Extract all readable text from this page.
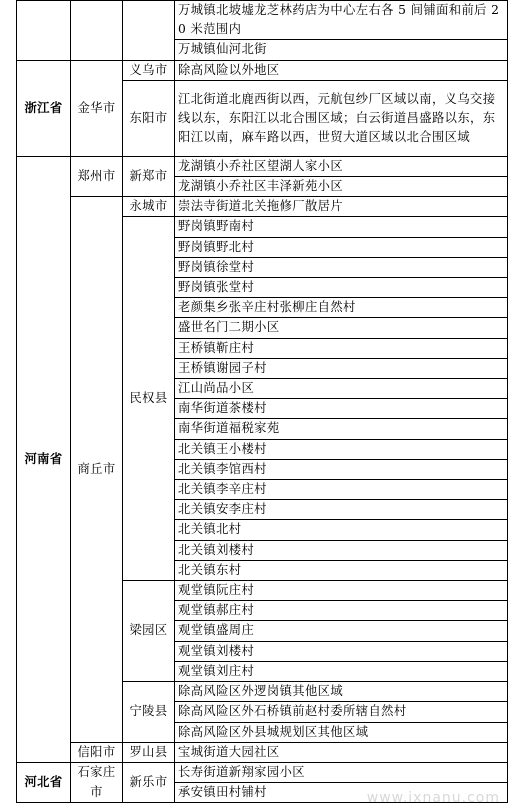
			万城镇北坡墟龙芝林药店为中心左右各 5 间铺面和前后 20 米范围内
			万城镇仙河北街
浙江省	金华市	义乌市	除高风险以外地区
		东阳市	江北街道北鹿西街以西，元航包纱厂区域以南，义乌交接线以东，东阳江以北合围区域；白云街道昌盛路以东，东阳江以南，麻车路以西，世贸大道区域以北合围区域
河南省	郑州市	新郑市	龙湖镇小乔社区望湖人家小区
			龙湖镇小乔社区丰泽新苑小区
	商丘市	永城市	崇法寺街道北关拖修厂散居片
		民权县	野岗镇野南村
			野岗镇野北村
			野岗镇徐堂村
			野岗镇张堂村
			老颜集乡张辛庄村张柳庄自然村
			盛世名门二期小区
			王桥镇靳庄村
			王桥镇谢园子村
			江山尚品小区
			南华街道茶楼村
			南华街道福税家苑
			北关镇王小楼村
			北关镇李馆西村
			北关镇李辛庄村
			北关镇安李庄村
			北关镇北村
			北关镇刘楼村
			北关镇东村
		梁园区	观堂镇阮庄村
			观堂镇郝庄村
			观堂镇盛周庄
			观堂镇刘楼村
			观堂镇刘庄村
		宁陵县	除高风险区外逻岗镇其他区域
			除高风险区外石桥镇前赵村委所辖自然村
			除高风险区外县城规划区其他区域
	信阳市	罗山县	宝城街道大园社区
河北省	石家庄市	新乐市	长寿街道新翔家园小区
			承安镇田村铺村	www.ixnanu.com
